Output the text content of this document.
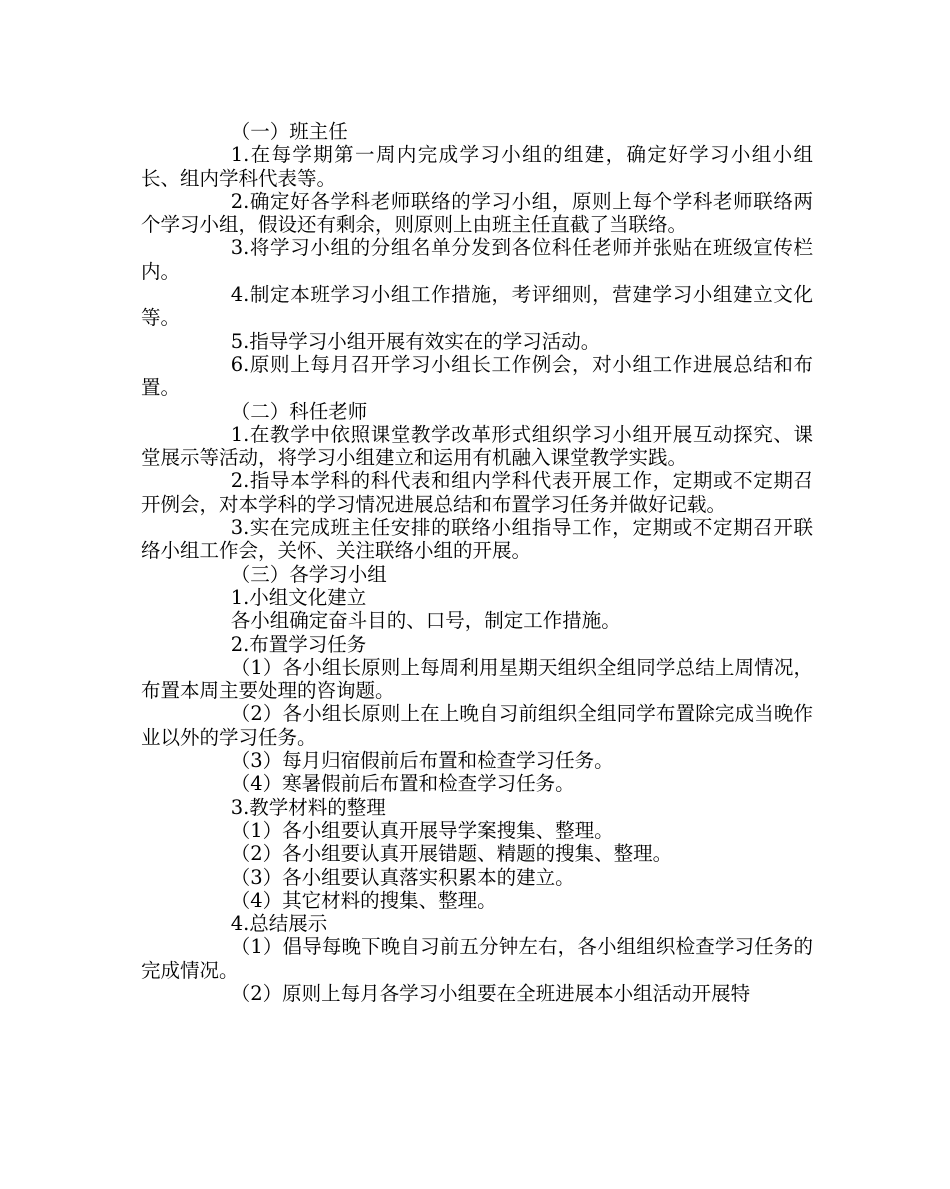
（一）班主任

1.在每学期第一周内完成学习小组的组建，确定好学习小组小组长、组内学科代表等。

2.确定好各学科老师联络的学习小组，原则上每个学科老师联络两个学习小组，假设还有剩余，则原则上由班主任直截了当联络。

3.将学习小组的分组名单分发到各位科任老师并张贴在班级宣传栏内。

4.制定本班学习小组工作措施，考评细则，营建学习小组建立文化等。

5.指导学习小组开展有效实在的学习活动。

6.原则上每月召开学习小组长工作例会，对小组工作进展总结和布置。

（二）科任老师

1.在教学中依照课堂教学改革形式组织学习小组开展互动探究、课堂展示等活动，将学习小组建立和运用有机融入课堂教学实践。

2.指导本学科的科代表和组内学科代表开展工作，定期或不定期召开例会，对本学科的学习情况进展总结和布置学习任务并做好记载。

3.实在完成班主任安排的联络小组指导工作，定期或不定期召开联络小组工作会，关怀、关注联络小组的开展。

（三）各学习小组

1.小组文化建立

各小组确定奋斗目的、口号，制定工作措施。

2.布置学习任务

（1）各小组长原则上每周利用星期天组织全组同学总结上周情况，布置本周主要处理的咨询题。

（2）各小组长原则上在上晚自习前组织全组同学布置除完成当晚作业以外的学习任务。

（3）每月归宿假前后布置和检查学习任务。

（4）寒暑假前后布置和检查学习任务。

3.教学材料的整理

（1）各小组要认真开展导学案搜集、整理。

（2）各小组要认真开展错题、精题的搜集、整理。

（3）各小组要认真落实积累本的建立。

（4）其它材料的搜集、整理。

4.总结展示

（1）倡导每晚下晚自习前五分钟左右，各小组组织检查学习任务的完成情况。

（2）原则上每月各学习小组要在全班进展本小组活动开展特
